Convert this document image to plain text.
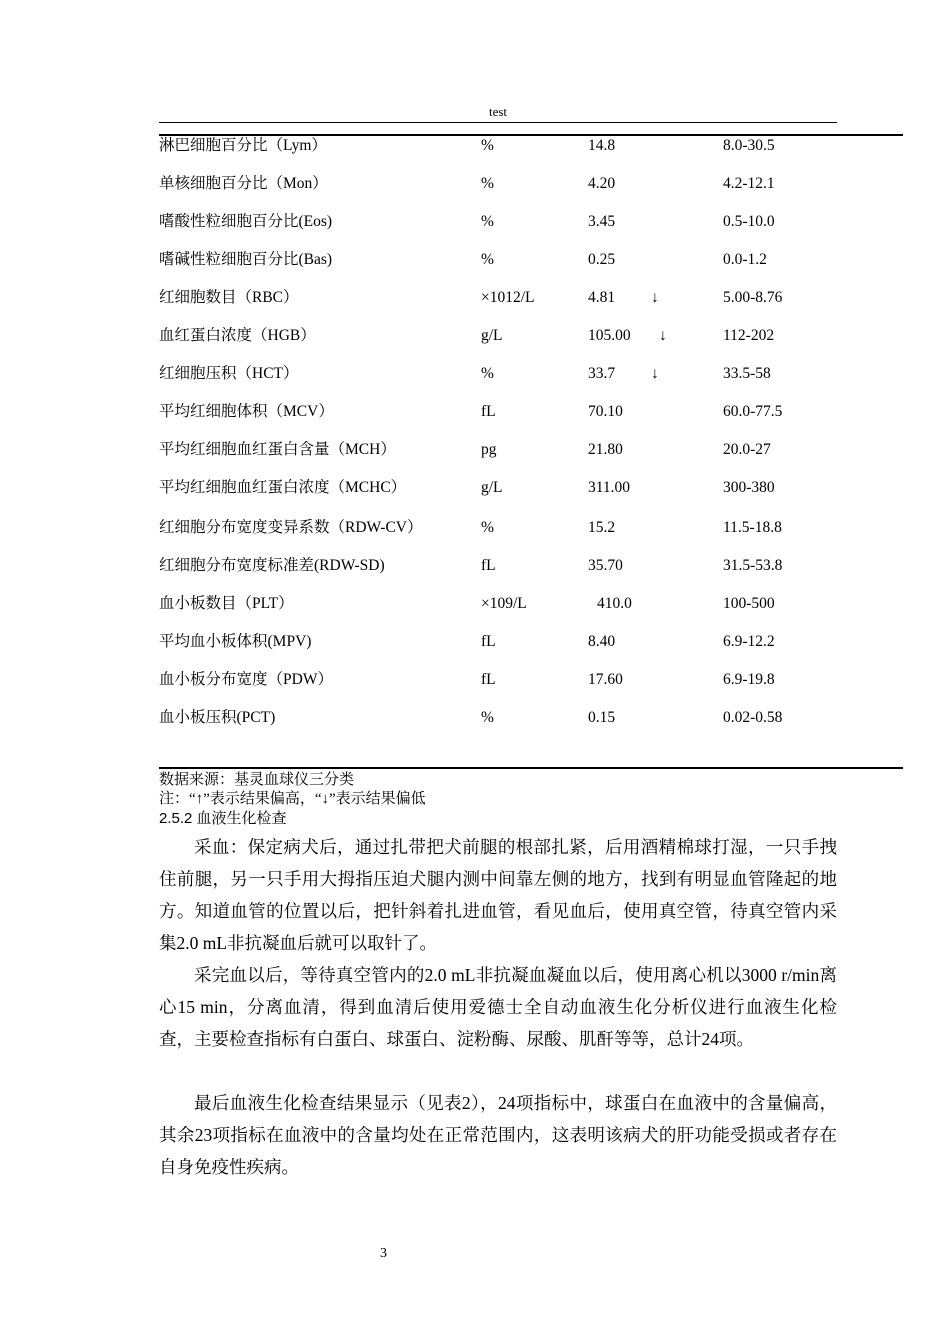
test
淋巴细胞百分比（Lym）	%	14.8	8.0-30.5
单核细胞百分比（Mon）	%	4.20	4.2-12.1
嗜酸性粒细胞百分比(Eos)	%	3.45	0.5-10.0
嗜碱性粒细胞百分比(Bas)	%	0.25	0.0-1.2
红细胞数目（RBC）	×1012/L	4.81 ↓	5.00-8.76
血红蛋白浓度（HGB）	g/L	105.00 ↓	112-202
红细胞压积（HCT）	%	33.7 ↓	33.5-58
平均红细胞体积（MCV）	fL	70.10	60.0-77.5
平均红细胞血红蛋白含量（MCH）	pg	21.80	20.0-27
平均红细胞血红蛋白浓度（MCHC）	g/L	311.00	300-380
红细胞分布宽度变异系数（RDW-CV）	%	15.2	11.5-18.8
红细胞分布宽度标准差(RDW-SD)	fL	35.70	31.5-53.8
血小板数目（PLT）	×109/L	410.0	100-500
平均血小板体积(MPV)	fL	8.40	6.9-12.2
血小板分布宽度（PDW）	fL	17.60	6.9-19.8
血小板压积(PCT)	%	0.15	0.02-0.58
数据来源：基灵血球仪三分类
注：“↑”表示结果偏高，“↓”表示结果偏低
2.5.2 血液生化检查

采血：保定病犬后，通过扎带把犬前腿的根部扎紧，后用酒精棉球打湿，一只手拽住前腿，另一只手用大拇指压迫犬腿内测中间靠左侧的地方，找到有明显血管隆起的地方。知道血管的位置以后，把针斜着扎进血管，看见血后，使用真空管，待真空管内采集2.0 mL非抗凝血后就可以取针了。

采完血以后，等待真空管内的2.0 mL非抗凝血凝血以后，使用离心机以3000 r/min离心15 min，分离血清，得到血清后使用爱德士全自动血液生化分析仪进行血液生化检查，主要检查指标有白蛋白、球蛋白、淀粉酶、尿酸、肌酐等等，总计24项。

最后血液生化检查结果显示（见表2），24项指标中，球蛋白在血液中的含量偏高，其余23项指标在血液中的含量均处在正常范围内，这表明该病犬的肝功能受损或者存在自身免疫性疾病。

3
